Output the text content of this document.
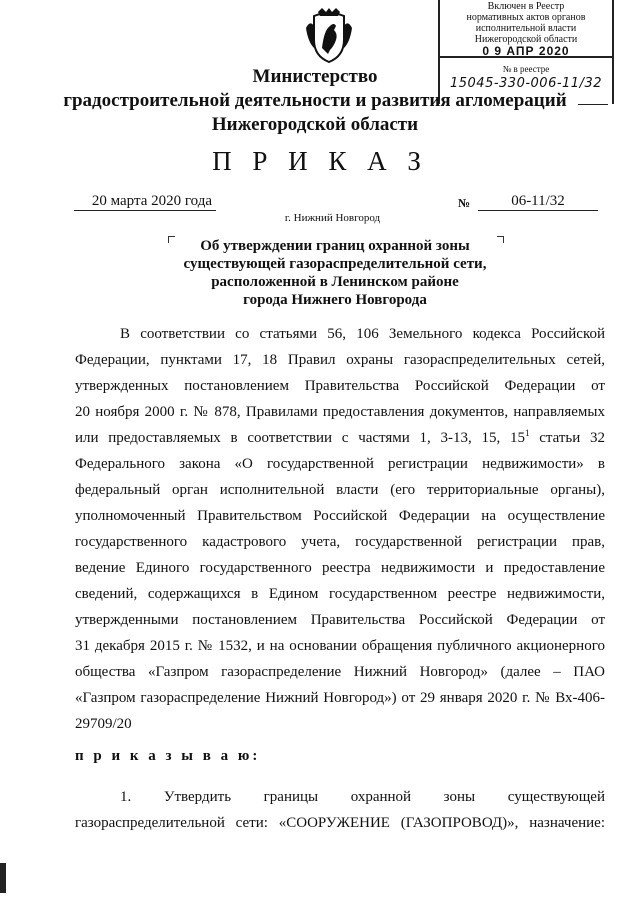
Включен в Реестр
нормативных актов органов
исполнительной власти
Нижегородской области
0 9 АПР 2020
№ в реестре
15045-330-006-11/32
Министерство
градостроительной деятельности и развития агломераций
Нижегородской области
П Р И К А З
20 марта 2020 года	№	06-11/32
г. Нижний Новгород
Об утверждении границ охранной зоны
существующей газораспределительной сети,
расположенной в Ленинском районе
города Нижнего Новгорода
В соответствии со статьями 56, 106 Земельного кодекса Российской
Федерации, пунктами 17, 18 Правил охраны газораспределительных сетей,
утвержденных постановлением Правительства Российской Федерации от
20 ноября 2000 г. № 878, Правилами предоставления документов, направляемых
или предоставляемых в соответствии с частями 1, 3-13, 15, $15^1$ статьи 32
Федерального закона «О государственной регистрации недвижимости» в
федеральный орган исполнительной власти (его территориальные органы),
уполномоченный Правительством Российской Федерации на осуществление
государственного кадастрового учета, государственной регистрации прав,
ведение Единого государственного реестра недвижимости и предоставление
сведений, содержащихся в Едином государственном реестре недвижимости,
утвержденными постановлением Правительства Российской Федерации от
31 декабря 2015 г. № 1532, и на основании обращения публичного акционерного
общества «Газпром газораспределение Нижний Новгород» (далее – ПАО
«Газпром газораспределение Нижний Новгород») от 29 января 2020 г. № Вх-406-
29709/20
п р и к а з ы в а ю:
1. Утвердить границы охранной зоны существующей
газораспределительной сети: «СООРУЖЕНИЕ (ГАЗОПРОВОД)», назначение:
